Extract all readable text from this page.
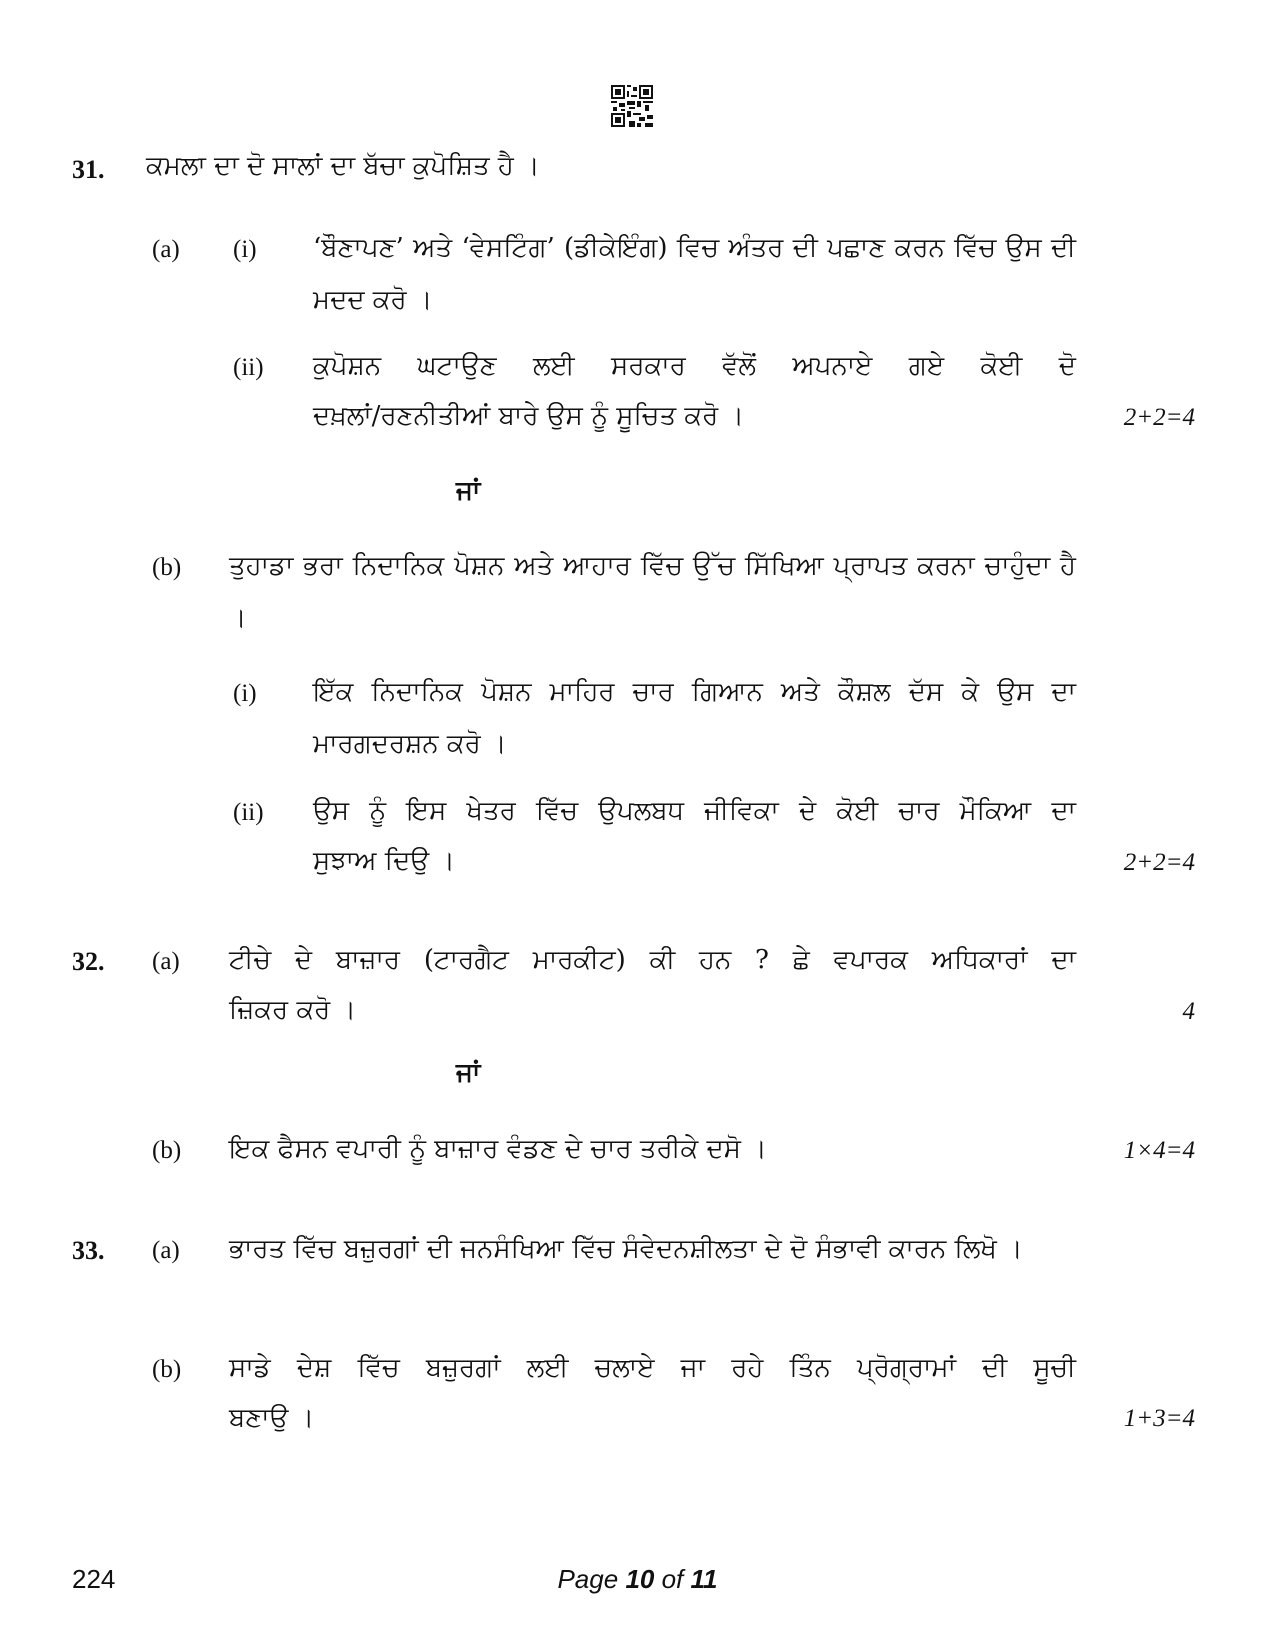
31. ਕਮਲਾ ਦਾ ਦੋ ਸਾਲਾਂ ਦਾ ਬੱਚਾ ਕੁਪੋਸ਼ਿਤ ਹੈ ।
(a) (i) ‘ਬੌਣਾਪਣ’ ਅਤੇ ‘ਵੇਸਟਿੰਗ’ (ਡੀਕੇਇੰਗ) ਵਿਚ ਅੰਤਰ ਦੀ ਪਛਾਣ ਕਰਨ ਵਿੱਚ ਉਸ ਦੀ ਮਦਦ ਕਰੋ ।
(ii) ਕੁਪੋਸ਼ਨ ਘਟਾਉਣ ਲਈ ਸਰਕਾਰ ਵੱਲੋਂ ਅਪਨਾਏ ਗਏ ਕੋਈ ਦੋ
ਦਖ਼ਲਾਂ/ਰਣਨੀਤੀਆਂ ਬਾਰੇ ਉਸ ਨੂੰ ਸੂਚਿਤ ਕਰੋ ।	2+2=4
ਜਾਂ
(b) ਤੁਹਾਡਾ ਭਰਾ ਨਿਦਾਨਿਕ ਪੋਸ਼ਨ ਅਤੇ ਆਹਾਰ ਵਿੱਚ ਉੱਚ ਸਿੱਖਿਆ ਪ੍ਰਾਪਤ ਕਰਨਾ ਚਾਹੁੰਦਾ ਹੈ ।
(i) ਇੱਕ ਨਿਦਾਨਿਕ ਪੋਸ਼ਨ ਮਾਹਿਰ ਚਾਰ ਗਿਆਨ ਅਤੇ ਕੌਸ਼ਲ ਦੱਸ ਕੇ ਉਸ ਦਾ ਮਾਰਗਦਰਸ਼ਨ ਕਰੋ ।
(ii) ਉਸ ਨੂੰ ਇਸ ਖੇਤਰ ਵਿੱਚ ਉਪਲਬਧ ਜੀਵਿਕਾ ਦੇ ਕੋਈ ਚਾਰ ਮੌਕਿਆ ਦਾ
ਸੁਝਾਅ ਦਿਉ ।	2+2=4
32. (a) ਟੀਚੇ ਦੇ ਬਾਜ਼ਾਰ (ਟਾਰਗੈਟ ਮਾਰਕੀਟ) ਕੀ ਹਨ ? ਛੇ ਵਪਾਰਕ ਅਧਿਕਾਰਾਂ ਦਾ
ਜ਼ਿਕਰ ਕਰੋ ।	4
ਜਾਂ
(b) ਇਕ ਫੈਸਨ ਵਪਾਰੀ ਨੂੰ ਬਾਜ਼ਾਰ ਵੰਡਣ ਦੇ ਚਾਰ ਤਰੀਕੇ ਦਸੋ ।	1×4=4
33. (a) ਭਾਰਤ ਵਿੱਚ ਬਜ਼ੁਰਗਾਂ ਦੀ ਜਨਸੰਖਿਆ ਵਿੱਚ ਸੰਵੇਦਨਸ਼ੀਲਤਾ ਦੇ ਦੋ ਸੰਭਾਵੀ ਕਾਰਨ ਲਿਖੋ ।
(b) ਸਾਡੇ ਦੇਸ਼ ਵਿੱਚ ਬਜ਼ੁਰਗਾਂ ਲਈ ਚਲਾਏ ਜਾ ਰਹੇ ਤਿੰਨ ਪ੍ਰੋਗ੍ਰਾਮਾਂ ਦੀ ਸੂਚੀ
ਬਣਾਉ ।	1+3=4
224	Page 10 of 11
